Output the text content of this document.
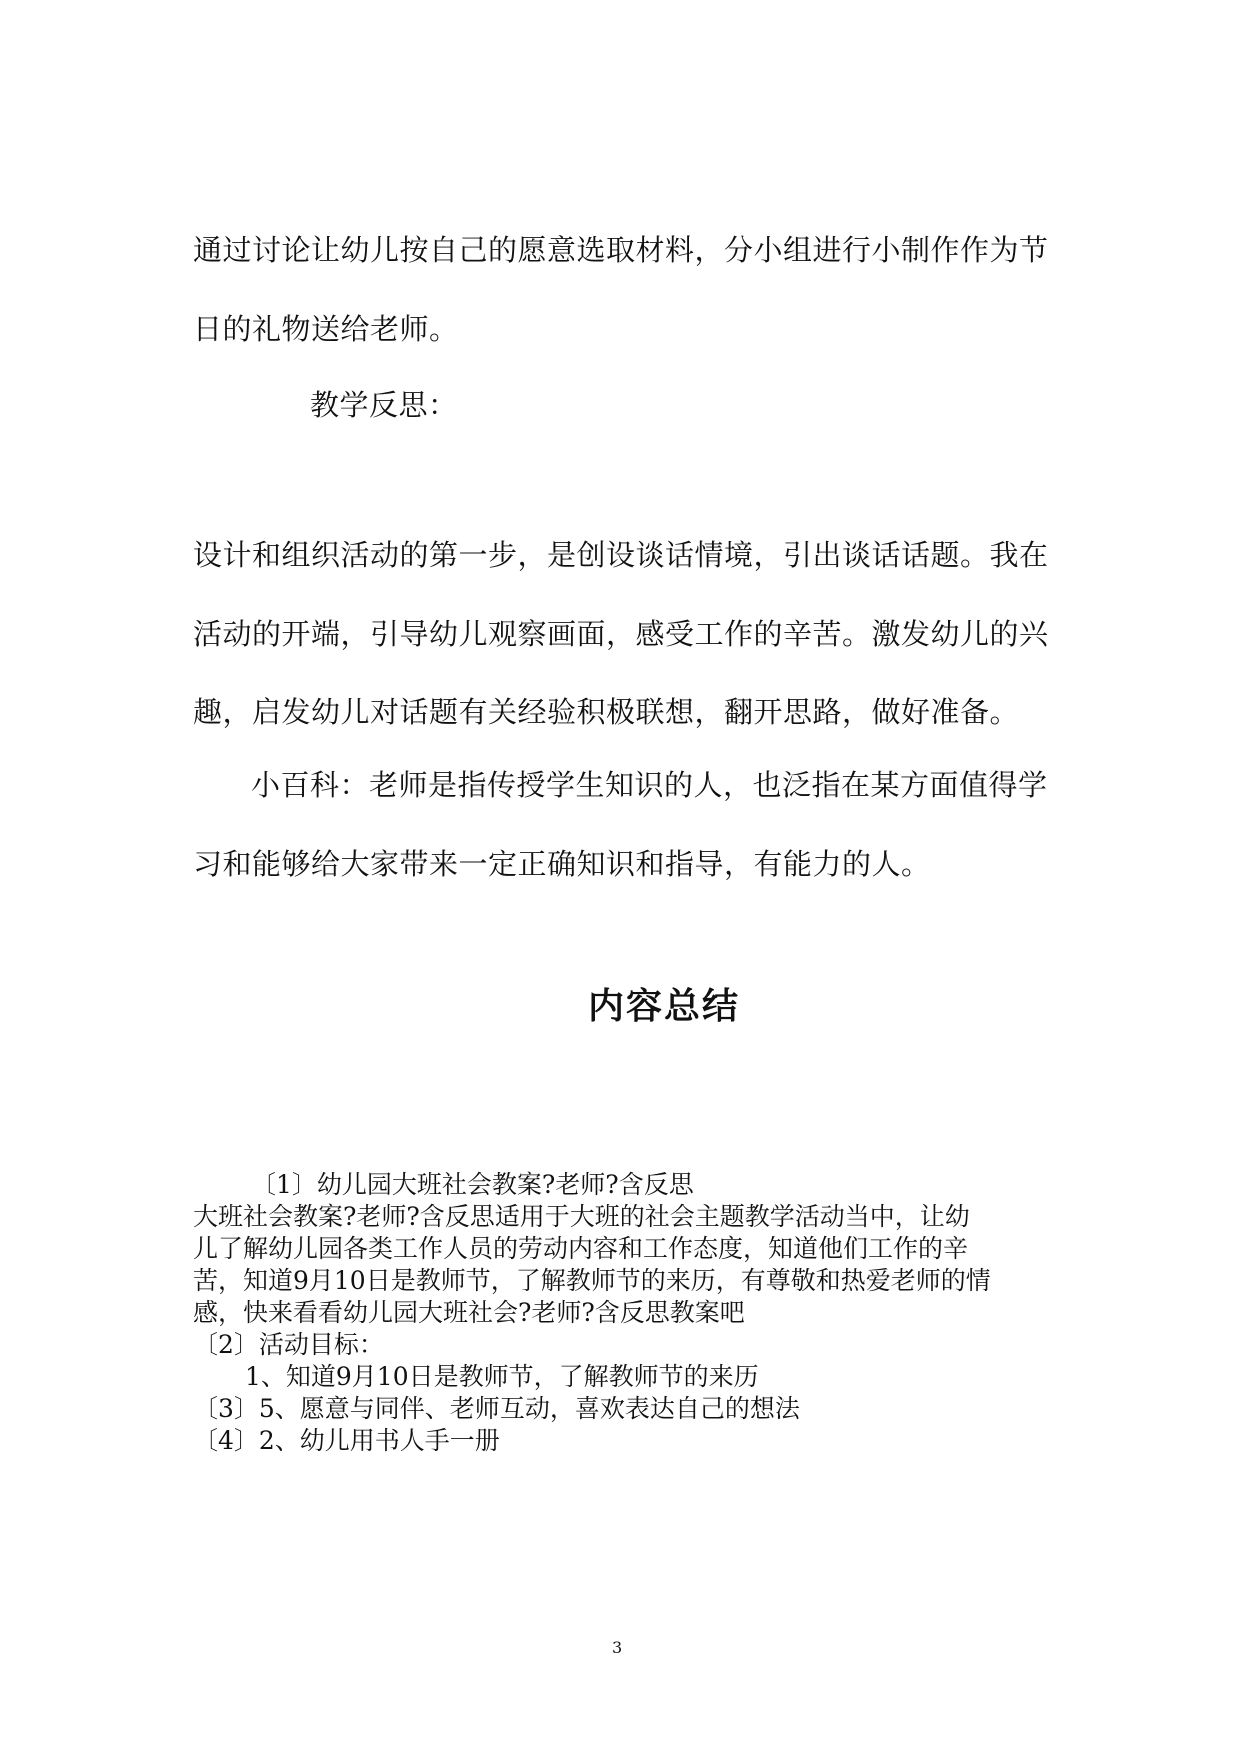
通过讨论让幼儿按自己的愿意选取材料，分小组进行小制作作为节

日的礼物送给老师。

教学反思：

设计和组织活动的第一步，是创设谈话情境，引出谈话话题。我在

活动的开端，引导幼儿观察画面，感受工作的辛苦。激发幼儿的兴

趣，启发幼儿对话题有关经验积极联想，翻开思路，做好准备。

小百科：老师是指传授学生知识的人，也泛指在某方面值得学

习和能够给大家带来一定正确知识和指导，有能力的人。

内容总结

〔1〕幼儿园大班社会教案?老师?含反思

大班社会教案?老师?含反思适用于大班的社会主题教学活动当中，让幼

儿了解幼儿园各类工作人员的劳动内容和工作态度，知道他们工作的辛

苦，知道9月10日是教师节，了解教师节的来历，有尊敬和热爱老师的情

感，快来看看幼儿园大班社会?老师?含反思教案吧

〔2〕活动目标：

1、知道9月10日是教师节，了解教师节的来历

〔3〕5、愿意与同伴、老师互动，喜欢表达自己的想法

〔4〕2、幼儿用书人手一册

3
